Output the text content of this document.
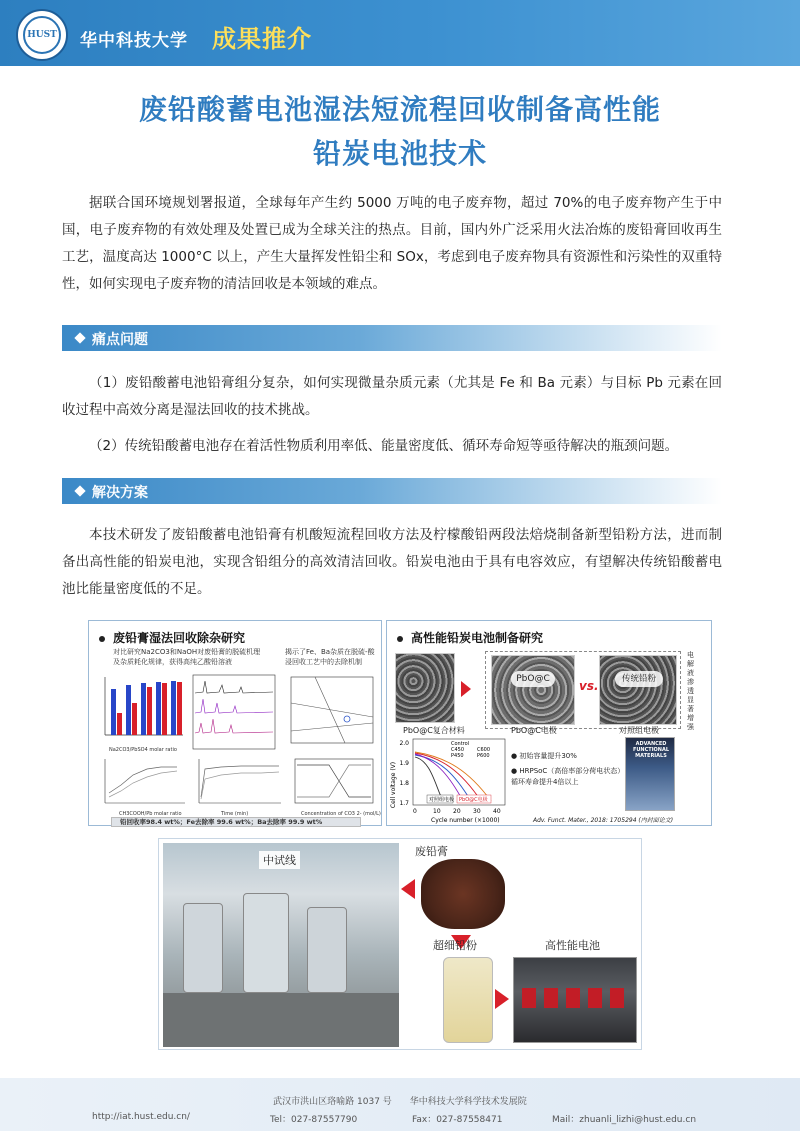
HUST 华中科技大学 成果推介
废铅酸蓄电池湿法短流程回收制备高性能
铅炭电池技术
据联合国环境规划署报道，全球每年产生约 5000 万吨的电子废弃物，超过 70%的电子废弃物产生于中国，电子废弃物的有效处理及处置已成为全球关注的热点。目前，国内外广泛采用火法冶炼的废铅膏回收再生工艺，温度高达 1000°C 以上，产生大量挥发性铅尘和 SOx，考虑到电子废弃物具有资源性和污染性的双重特性，如何实现电子废弃物的清洁回收是本领域的难点。
痛点问题
（1）废铅酸蓄电池铅膏组分复杂，如何实现微量杂质元素（尤其是 Fe 和 Ba 元素）与目标 Pb 元素在回收过程中高效分离是湿法回收的技术挑战。
（2）传统铅酸蓄电池存在着活性物质利用率低、能量密度低、循环寿命短等亟待解决的瓶颈问题。
解决方案
本技术研发了废铅酸蓄电池铅膏有机酸短流程回收方法及柠檬酸铅两段法焙烧制备新型铅粉方法，进而制备出高性能的铅炭电池，实现含铅组分的高效清洁回收。铅炭电池由于具有电容效应，有望解决传统铅酸蓄电池比能量密度低的不足。
废铅膏湿法回收除杂研究
对比研究Na2CO3和NaOH对废铅膏的脱硫机理及杂质耗化规律，获得高纯乙酸铅溶液
揭示了Fe、Ba杂质在脱硫-酸浸回收工艺中的去除机制
Na2CO3/PbSO4 molar ratio
CH3COOH/Pb molar ratio	Time (min)	Concentration of CO3 2- (mol/L)
铅回收率98.4 wt%；Fe去除率 99.6 wt%；Ba去除率 99.9 wt%
高性能铅炭电池制备研究
PbO@C	vs.	传统铅粉
电解液渗透显著增强
PbO@C复合材料	PbO@C电极	对照组电极
Cell voltage (V)
2.0
1.9
1.8
1.7
Control
C450	C600
P450	P600
对照组电极 PbO@C电极
0	10 20 30 40
Cycle number (×1000)
● 初始容量提升30%
● HRPSoC（高倍率部分荷电状态）循环寿命提升4倍以上
ADVANCED FUNCTIONAL MATERIALS
Adv. Funct. Mater., 2018: 1705294 (内封面论文)
中试线
废铅膏
超细铅粉	高性能电池
武汉市洪山区珞喻路 1037 号　　华中科技大学科学技术发展院
http://iat.hust.edu.cn/	Tel：027-87557790	Fax：027-87558471	Mail：zhuanli_lizhi@hust.edu.cn
